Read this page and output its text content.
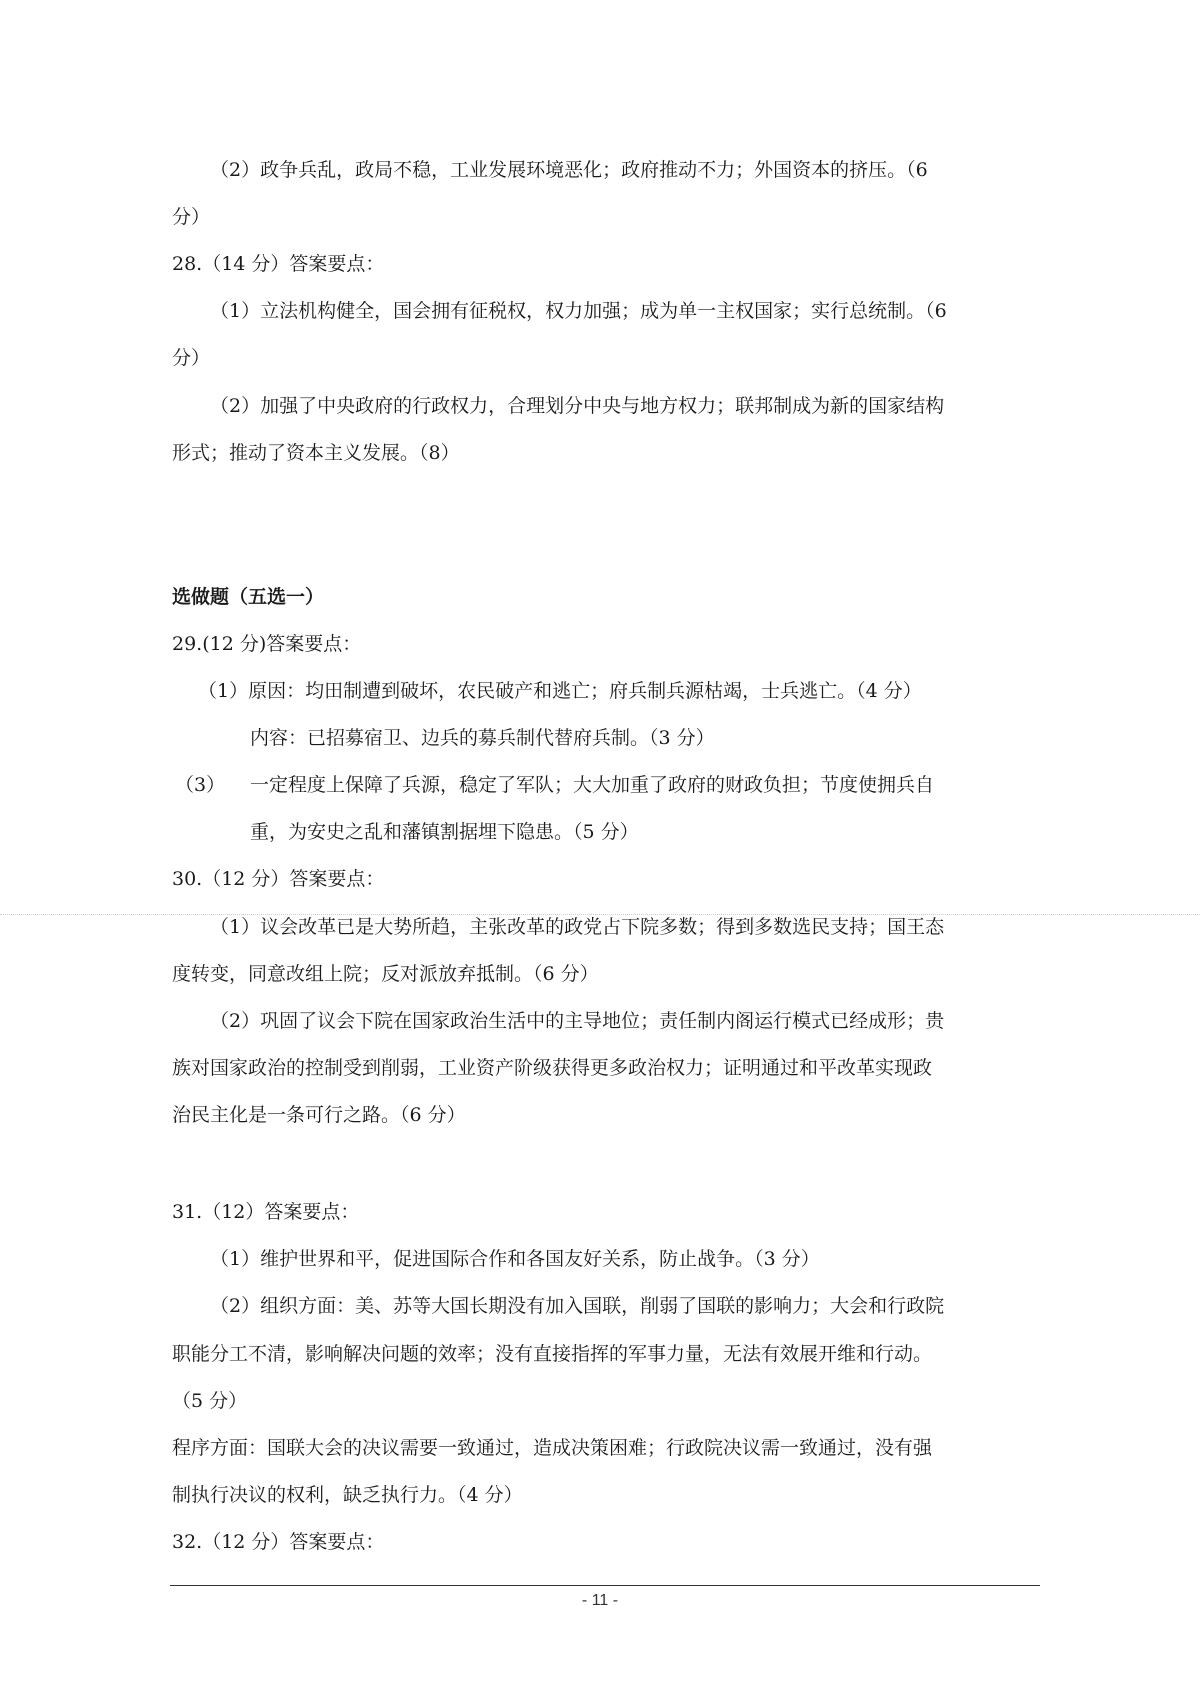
（2）政争兵乱，政局不稳，工业发展环境恶化；政府推动不力；外国资本的挤压。（6
分）
28.（14 分）答案要点：
（1）立法机构健全，国会拥有征税权，权力加强；成为单一主权国家；实行总统制。（6
分）
（2）加强了中央政府的行政权力，合理划分中央与地方权力；联邦制成为新的国家结构
形式；推动了资本主义发展。（8）
选做题（五选一）
29.(12 分)答案要点：
（1）原因：均田制遭到破坏，农民破产和逃亡；府兵制兵源枯竭，士兵逃亡。（4 分）
内容：已招募宿卫、边兵的募兵制代替府兵制。（3 分）
（3）	一定程度上保障了兵源，稳定了军队；大大加重了政府的财政负担；节度使拥兵自
重，为安史之乱和藩镇割据埋下隐患。（5 分）
30.（12 分）答案要点：
（1）议会改革已是大势所趋，主张改革的政党占下院多数；得到多数选民支持；国王态
度转变，同意改组上院；反对派放弃抵制。（6 分）
（2）巩固了议会下院在国家政治生活中的主导地位；责任制内阁运行模式已经成形；贵
族对国家政治的控制受到削弱，工业资产阶级获得更多政治权力；证明通过和平改革实现政
治民主化是一条可行之路。（6 分）
31.（12）答案要点：
（1）维护世界和平，促进国际合作和各国友好关系，防止战争。（3 分）
（2）组织方面：美、苏等大国长期没有加入国联，削弱了国联的影响力；大会和行政院
职能分工不清，影响解决问题的效率；没有直接指挥的军事力量，无法有效展开维和行动。
（5 分）
程序方面：国联大会的决议需要一致通过，造成决策困难；行政院决议需一致通过，没有强
制执行决议的权利，缺乏执行力。（4 分）
32.（12 分）答案要点：
- 11 -
